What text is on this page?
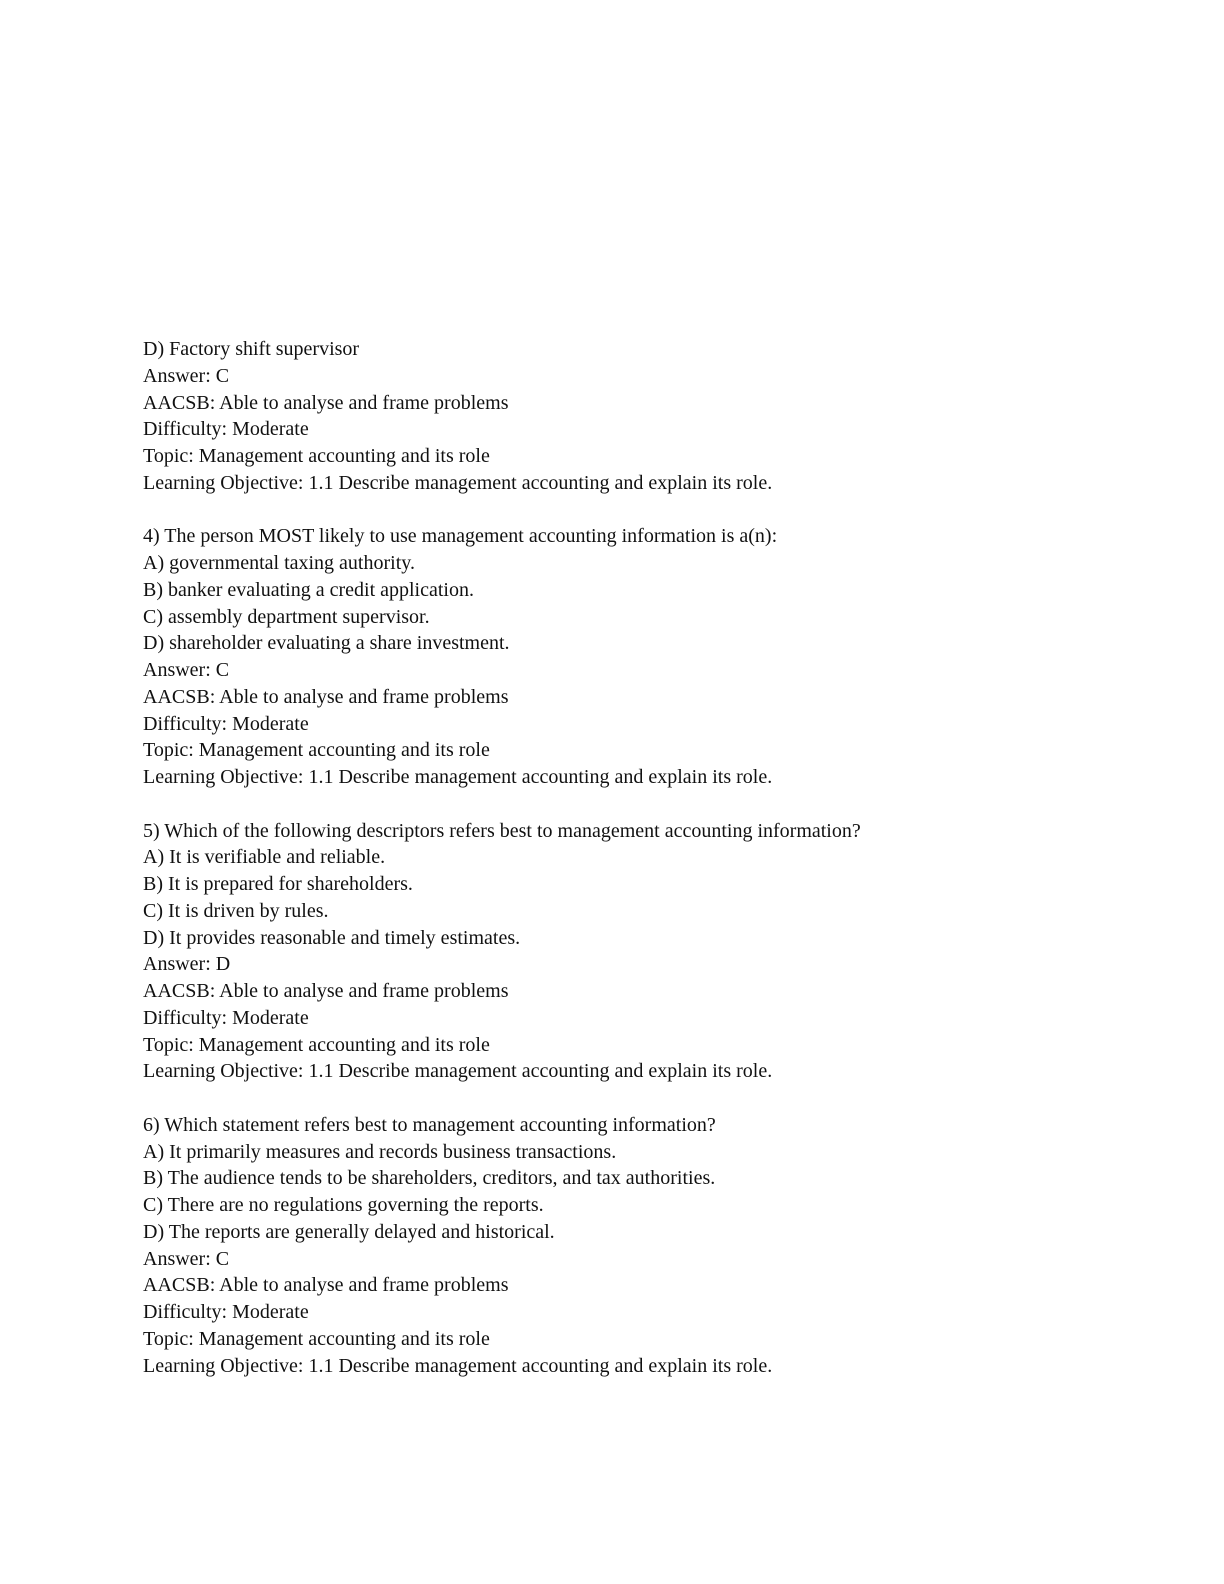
D) Factory shift supervisor
Answer: C
AACSB: Able to analyse and frame problems
Difficulty: Moderate
Topic: Management accounting and its role
Learning Objective: 1.1 Describe management accounting and explain its role.
4) The person MOST likely to use management accounting information is a(n):
A) governmental taxing authority.
B) banker evaluating a credit application.
C) assembly department supervisor.
D) shareholder evaluating a share investment.
Answer: C
AACSB: Able to analyse and frame problems
Difficulty: Moderate
Topic: Management accounting and its role
Learning Objective: 1.1 Describe management accounting and explain its role.
5) Which of the following descriptors refers best to management accounting information?
A) It is verifiable and reliable.
B) It is prepared for shareholders.
C) It is driven by rules.
D) It provides reasonable and timely estimates.
Answer: D
AACSB: Able to analyse and frame problems
Difficulty: Moderate
Topic: Management accounting and its role
Learning Objective: 1.1 Describe management accounting and explain its role.
6) Which statement refers best to management accounting information?
A) It primarily measures and records business transactions.
B) The audience tends to be shareholders, creditors, and tax authorities.
C) There are no regulations governing the reports.
D) The reports are generally delayed and historical.
Answer: C
AACSB: Able to analyse and frame problems
Difficulty: Moderate
Topic: Management accounting and its role
Learning Objective: 1.1 Describe management accounting and explain its role.
